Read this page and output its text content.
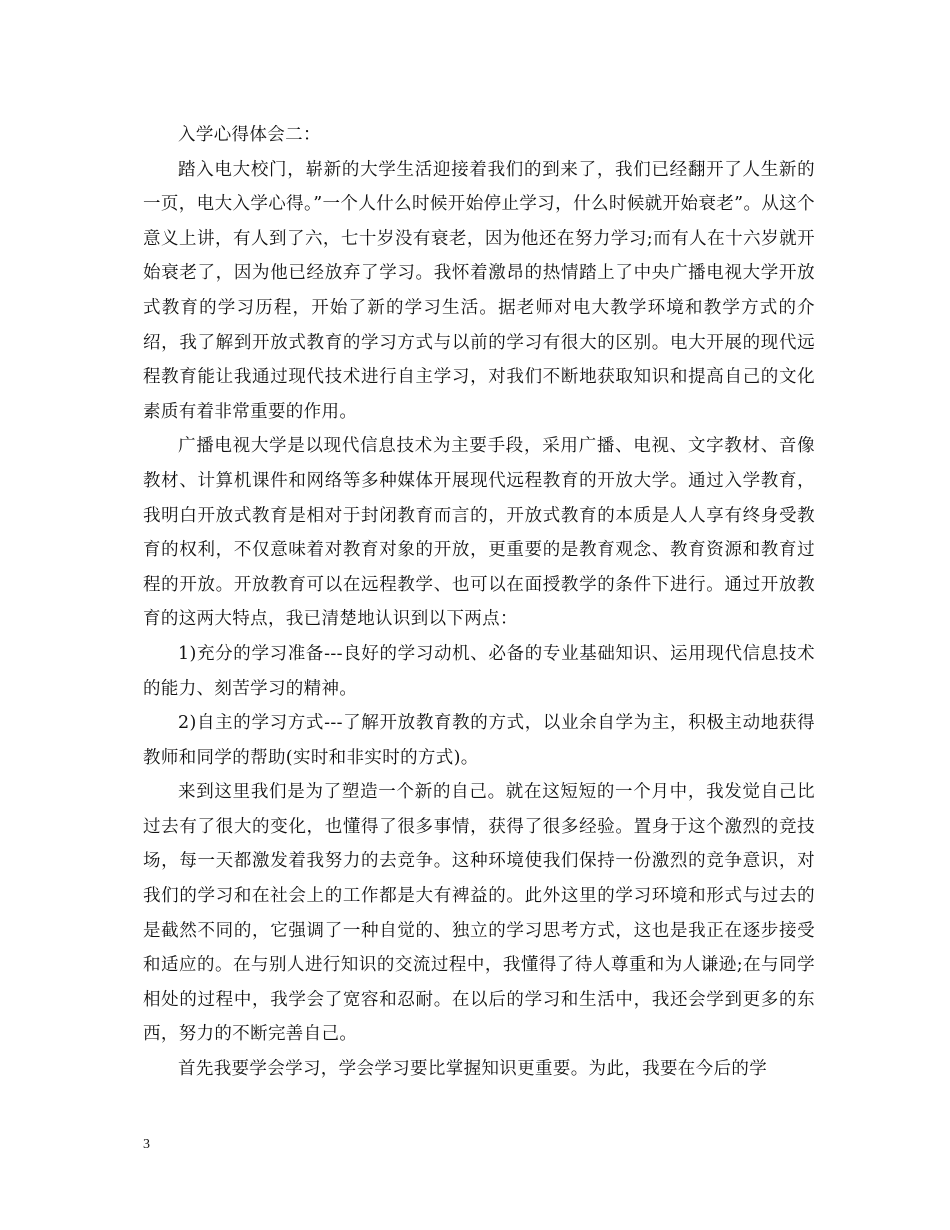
入学心得体会二：

踏入电大校门，崭新的大学生活迎接着我们的到来了，我们已经翻开了人生新的一页，电大入学心得。”一个人什么时候开始停止学习，什么时候就开始衰老”。从这个意义上讲，有人到了六，七十岁没有衰老，因为他还在努力学习;而有人在十六岁就开始衰老了，因为他已经放弃了学习。我怀着激昂的热情踏上了中央广播电视大学开放式教育的学习历程，开始了新的学习生活。据老师对电大教学环境和教学方式的介绍，我了解到开放式教育的学习方式与以前的学习有很大的区别。电大开展的现代远程教育能让我通过现代技术进行自主学习，对我们不断地获取知识和提高自己的文化素质有着非常重要的作用。

广播电视大学是以现代信息技术为主要手段，采用广播、电视、文字教材、音像教材、计算机课件和网络等多种媒体开展现代远程教育的开放大学。通过入学教育，我明白开放式教育是相对于封闭教育而言的，开放式教育的本质是人人享有终身受教育的权利，不仅意味着对教育对象的开放，更重要的是教育观念、教育资源和教育过程的开放。开放教育可以在远程教学、也可以在面授教学的条件下进行。通过开放教育的这两大特点，我已清楚地认识到以下两点：

1)充分的学习准备---良好的学习动机、必备的专业基础知识、运用现代信息技术的能力、刻苦学习的精神。

2)自主的学习方式---了解开放教育教的方式，以业余自学为主，积极主动地获得教师和同学的帮助(实时和非实时的方式)。

来到这里我们是为了塑造一个新的自己。就在这短短的一个月中，我发觉自己比过去有了很大的变化，也懂得了很多事情，获得了很多经验。置身于这个激烈的竞技场，每一天都激发着我努力的去竞争。这种环境使我们保持一份激烈的竞争意识，对我们的学习和在社会上的工作都是大有裨益的。此外这里的学习环境和形式与过去的是截然不同的，它强调了一种自觉的、独立的学习思考方式，这也是我正在逐步接受和适应的。在与别人进行知识的交流过程中，我懂得了待人尊重和为人谦逊;在与同学相处的过程中，我学会了宽容和忍耐。在以后的学习和生活中，我还会学到更多的东西，努力的不断完善自己。

首先我要学会学习，学会学习要比掌握知识更重要。为此，我要在今后的学

3
